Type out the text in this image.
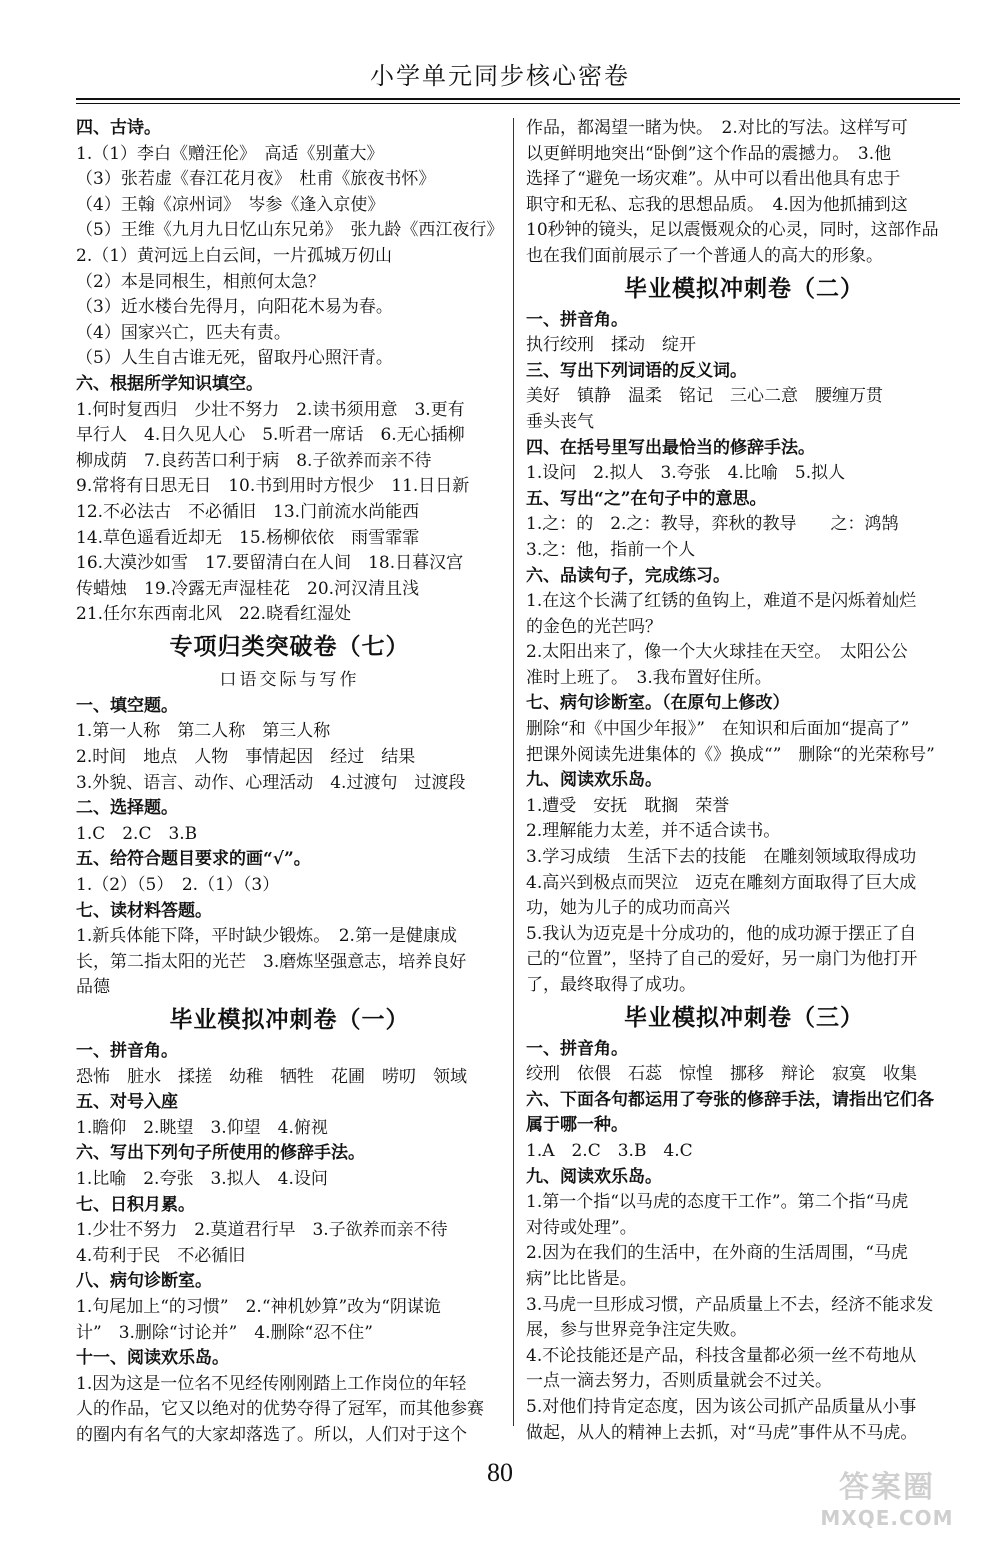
小学单元同步核心密卷
四、古诗。
1.（1）李白《赠汪伦》　高适《别董大》
（3）张若虚《春江花月夜》　杜甫《旅夜书怀》
（4）王翰《凉州词》　岑参《逢入京使》
（5）王维《九月九日忆山东兄弟》　张九龄《西江夜行》
2.（1）黄河远上白云间，一片孤城万仞山
（2）本是同根生，相煎何太急？
（3）近水楼台先得月，向阳花木易为春。
（4）国家兴亡，匹夫有责。
（5）人生自古谁无死，留取丹心照汗青。
六、根据所学知识填空。
1.何时复西归　少壮不努力　2.读书须用意　3.更有
早行人　4.日久见人心　5.听君一席话　6.无心插柳
柳成荫　7.良药苦口利于病　8.子欲养而亲不待
9.常将有日思无日　10.书到用时方恨少　11.日日新
12.不必法古　不必循旧　13.门前流水尚能西
14.草色遥看近却无　15.杨柳依依　雨雪霏霏
16.大漠沙如雪　17.要留清白在人间　18.日暮汉宫
传蜡烛　19.冷露无声湿桂花　20.河汉清且浅
21.任尔东西南北风　22.晓看红湿处
专项归类突破卷（七）
口语交际与写作
一、填空题。
1.第一人称　第二人称　第三人称
2.时间　地点　人物　事情起因　经过　结果
3.外貌、语言、动作、心理活动　4.过渡句　过渡段
二、选择题。
1.C　2.C　3.B
五、给符合题目要求的画“√”。
1.（2）（5）　2.（1）（3）
七、读材料答题。
1.新兵体能下降，平时缺少锻炼。　2.第一是健康成
长，第二指太阳的光芒　3.磨炼坚强意志，培养良好
品德
毕业模拟冲刺卷（一）
一、拼音角。
恐怖　脏水　揉搓　幼稚　牺牲　花圃　唠叨　领域
五、对号入座
1.瞻仰　2.眺望　3.仰望　4.俯视
六、写出下列句子所使用的修辞手法。
1.比喻　2.夸张　3.拟人　4.设问
七、日积月累。
1.少壮不努力　2.莫道君行早　3.子欲养而亲不待
4.苟利于民　不必循旧
八、病句诊断室。
1.句尾加上“的习惯”　2.“神机妙算”改为“阴谋诡
计”　3.删除“讨论并”　4.删除“忍不住”
十一、阅读欢乐岛。
1.因为这是一位名不见经传刚刚踏上工作岗位的年轻
人的作品，它又以绝对的优势夺得了冠军，而其他参赛
的圈内有名气的大家却落选了。所以，人们对于这个
作品，都渴望一睹为快。　2.对比的写法。这样写可
以更鲜明地突出“卧倒”这个作品的震撼力。　3.他
选择了“避免一场灾难”。从中可以看出他具有忠于
职守和无私、忘我的思想品质。　4.因为他抓捕到这
10秒钟的镜头，足以震慑观众的心灵，同时，这部作品
也在我们面前展示了一个普通人的高大的形象。
毕业模拟冲刺卷（二）
一、拼音角。
执行绞刑　揉动　绽开
三、写出下列词语的反义词。
美好　镇静　温柔　铭记　三心二意　腰缠万贯
垂头丧气
四、在括号里写出最恰当的修辞手法。
1.设问　2.拟人　3.夸张　4.比喻　5.拟人
五、写出“之”在句子中的意思。
1.之：的　2.之：教导，弈秋的教导　　之：鸿鹄
3.之：他，指前一个人
六、品读句子，完成练习。
1.在这个长满了红锈的鱼钩上，难道不是闪烁着灿烂
的金色的光芒吗？
2.太阳出来了，像一个大火球挂在天空。　太阳公公
准时上班了。　3.我布置好住所。
七、病句诊断室。（在原句上修改）
删除“和《中国少年报》”　在知识和后面加“提高了”
把课外阅读先进集体的《》换成“”　删除“的光荣称号”
九、阅读欢乐岛。
1.遭受　安抚　耽搁　荣誉
2.理解能力太差，并不适合读书。
3.学习成绩　生活下去的技能　在雕刻领域取得成功
4.高兴到极点而哭泣　迈克在雕刻方面取得了巨大成
功，她为儿子的成功而高兴
5.我认为迈克是十分成功的，他的成功源于摆正了自
己的“位置”，坚持了自己的爱好，另一扇门为他打开
了，最终取得了成功。
毕业模拟冲刺卷（三）
一、拼音角。
绞刑　依偎　石蕊　惊惶　挪移　辩论　寂寞　收集
六、下面各句都运用了夸张的修辞手法，请指出它们各
属于哪一种。
1.A　2.C　3.B　4.C
九、阅读欢乐岛。
1.第一个指“以马虎的态度干工作”。第二个指“马虎
对待或处理”。
2.因为在我们的生活中，在外商的生活周围，“马虎
病”比比皆是。
3.马虎一旦形成习惯，产品质量上不去，经济不能求发
展，参与世界竞争注定失败。
4.不论技能还是产品，科技含量都必须一丝不苟地从
一点一滴去努力，否则质量就会不过关。
5.对他们持肯定态度，因为该公司抓产品质量从小事
做起，从人的精神上去抓，对“马虎”事件从不马虎。
80	答案圈
MXQE.COM
